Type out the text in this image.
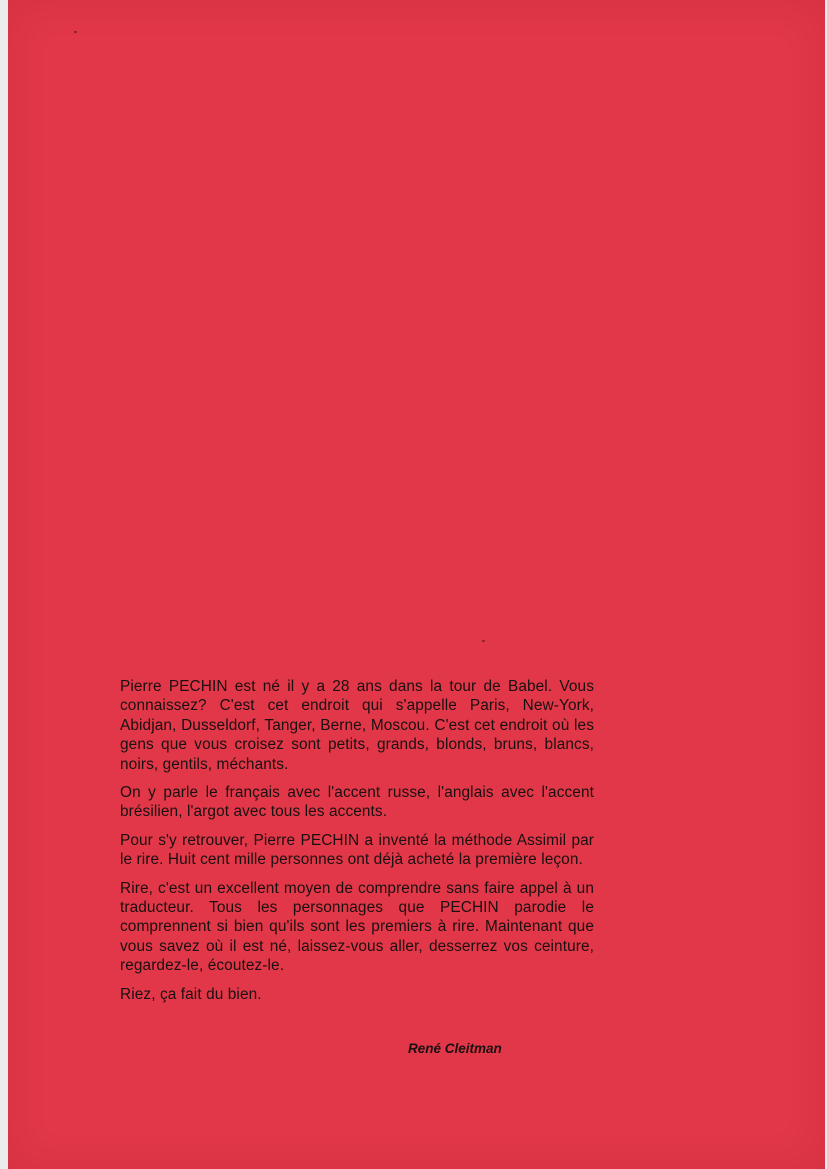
Pierre PECHIN est né il y a 28 ans dans la tour de Babel. Vous connaissez? C'est cet endroit qui s'appelle Paris, New-York, Abidjan, Dusseldorf, Tanger, Berne, Moscou. C'est cet endroit où les gens que vous croisez sont petits, grands, blonds, bruns, blancs, noirs, gentils, méchants.

On y parle le français avec l'accent russe, l'anglais avec l'accent brésilien, l'argot avec tous les accents.

Pour s'y retrouver, Pierre PECHIN a inventé la méthode Assimil par le rire. Huit cent mille personnes ont déjà acheté la première leçon.

Rire, c'est un excellent moyen de comprendre sans faire appel à un traducteur. Tous les personnages que PECHIN parodie le comprennent si bien qu'ils sont les premiers à rire. Maintenant que vous savez où il est né, laissez-vous aller, desserrez vos ceinture, regardez-le, écoutez-le.

Riez, ça fait du bien.

René Cleitman
